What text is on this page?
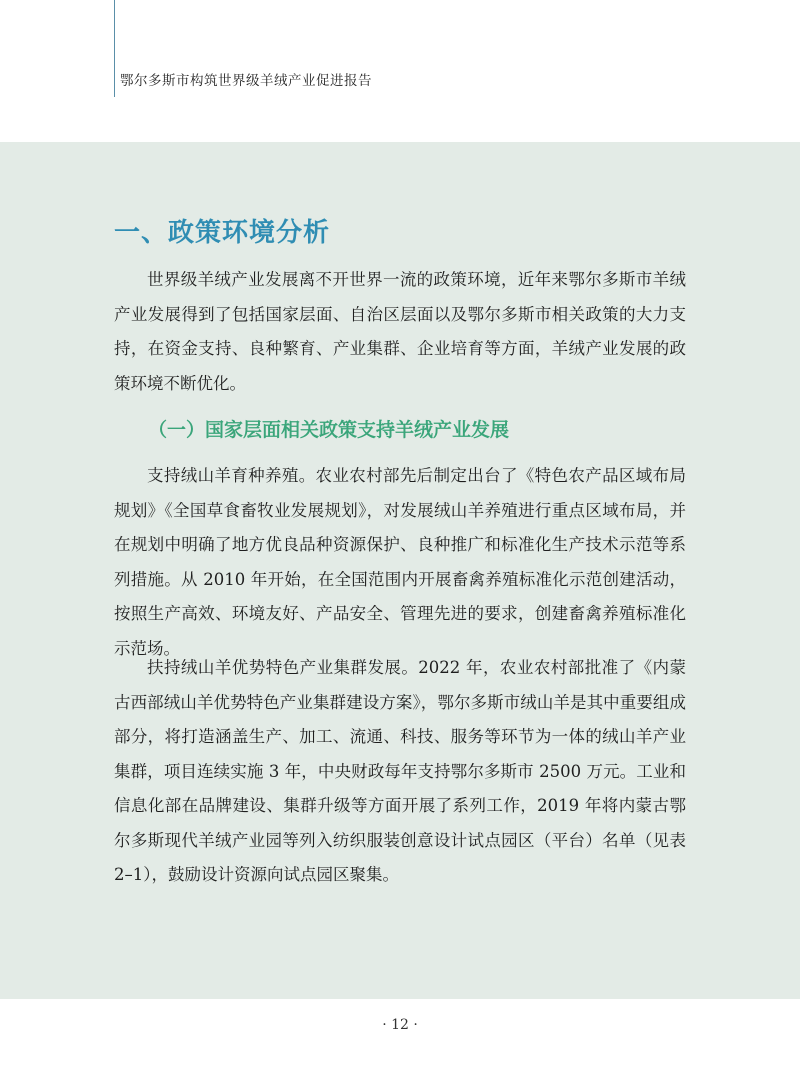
鄂尔多斯市构筑世界级羊绒产业促进报告
一、政策环境分析

世界级羊绒产业发展离不开世界一流的政策环境，近年来鄂尔多斯市羊绒产业发展得到了包括国家层面、自治区层面以及鄂尔多斯市相关政策的大力支持，在资金支持、良种繁育、产业集群、企业培育等方面，羊绒产业发展的政策环境不断优化。

（一）国家层面相关政策支持羊绒产业发展

支持绒山羊育种养殖。农业农村部先后制定出台了《特色农产品区域布局规划》《全国草食畜牧业发展规划》，对发展绒山羊养殖进行重点区域布局，并在规划中明确了地方优良品种资源保护、良种推广和标准化生产技术示范等系列措施。从 2010 年开始，在全国范围内开展畜禽养殖标准化示范创建活动，按照生产高效、环境友好、产品安全、管理先进的要求，创建畜禽养殖标准化示范场。

扶持绒山羊优势特色产业集群发展。2022 年，农业农村部批准了《内蒙古西部绒山羊优势特色产业集群建设方案》，鄂尔多斯市绒山羊是其中重要组成部分，将打造涵盖生产、加工、流通、科技、服务等环节为一体的绒山羊产业集群，项目连续实施 3 年，中央财政每年支持鄂尔多斯市 2500 万元。工业和信息化部在品牌建设、集群升级等方面开展了系列工作，2019 年将内蒙古鄂尔多斯现代羊绒产业园等列入纺织服装创意设计试点园区（平台）名单（见表 2–1），鼓励设计资源向试点园区聚集。

· 12 ·
